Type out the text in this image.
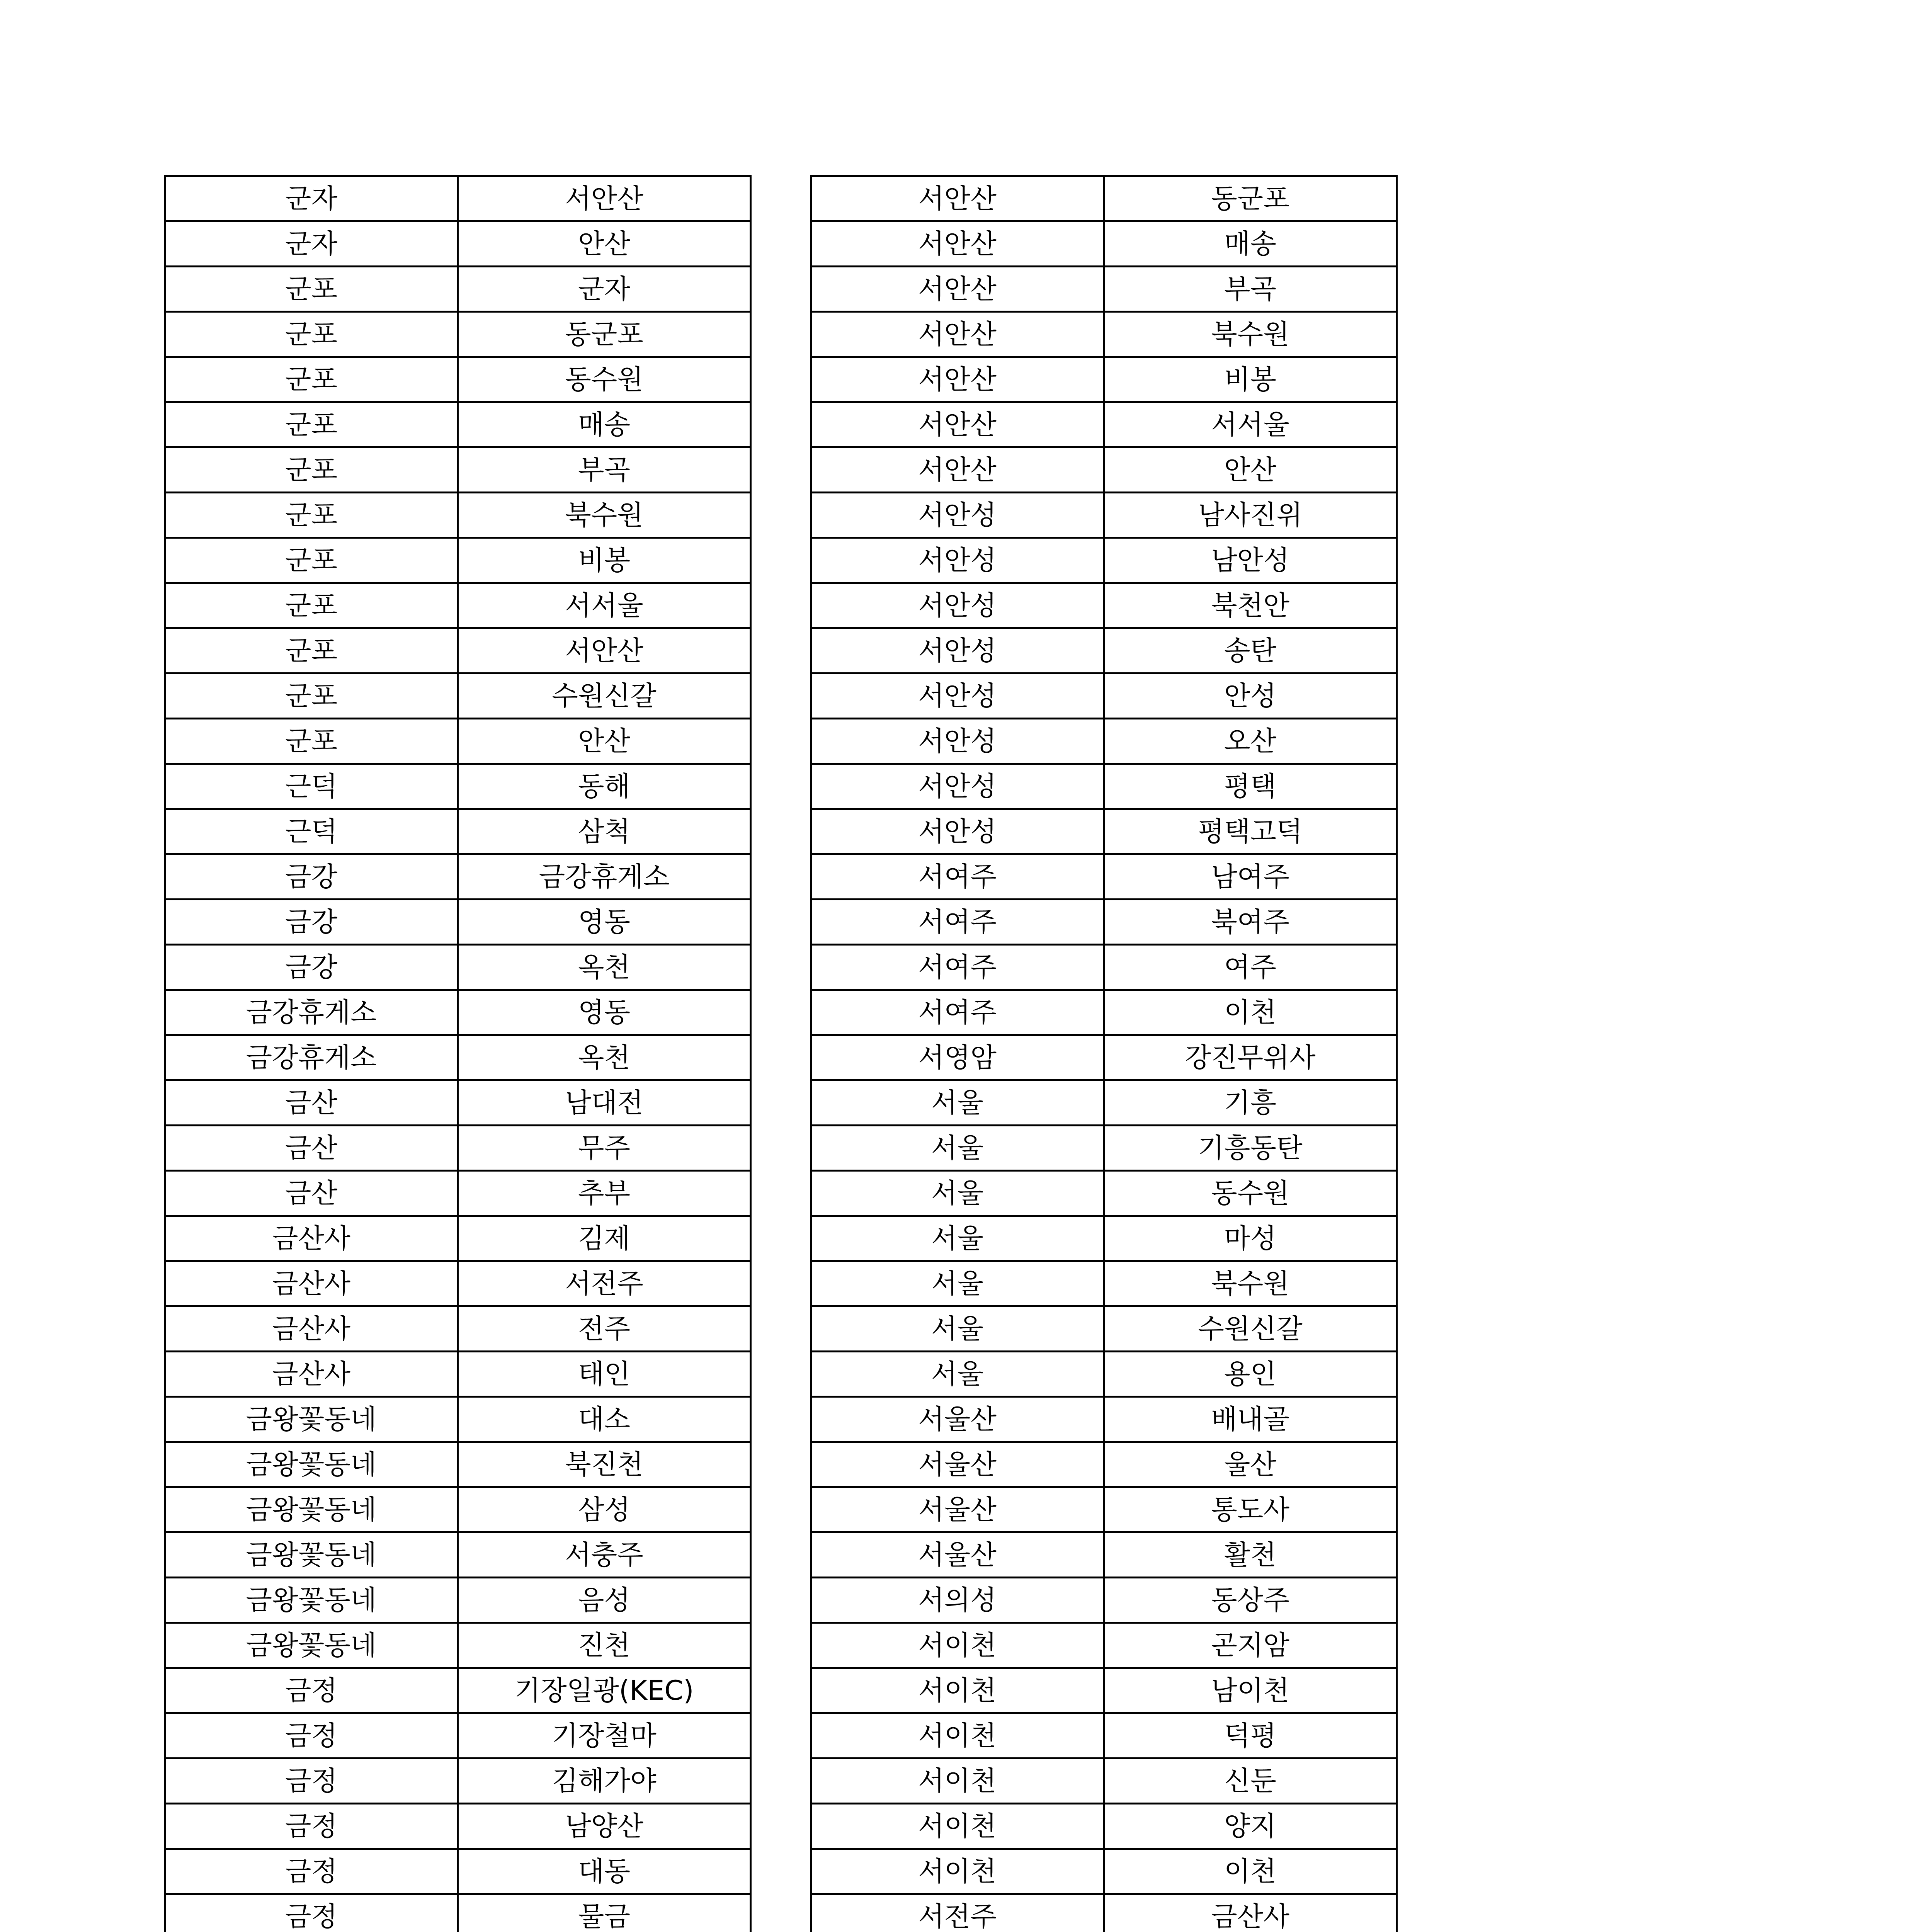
군자	서안산
군자	안산
군포	군자
군포	동군포
군포	동수원
군포	매송
군포	부곡
군포	북수원
군포	비봉
군포	서서울
군포	서안산
군포	수원신갈
군포	안산
근덕	동해
근덕	삼척
금강	금강휴게소
금강	영동
금강	옥천
금강휴게소	영동
금강휴게소	옥천
금산	남대전
금산	무주
금산	추부
금산사	김제
금산사	서전주
금산사	전주
금산사	태인
금왕꽃동네	대소
금왕꽃동네	북진천
금왕꽃동네	삼성
금왕꽃동네	서충주
금왕꽃동네	음성
금왕꽃동네	진천
금정	기장일광(KEC)
금정	기장철마
금정	김해가야
금정	남양산
금정	대동
금정	물금

서안산	동군포
서안산	매송
서안산	부곡
서안산	북수원
서안산	비봉
서안산	서서울
서안산	안산
서안성	남사진위
서안성	남안성
서안성	북천안
서안성	송탄
서안성	안성
서안성	오산
서안성	평택
서안성	평택고덕
서여주	남여주
서여주	북여주
서여주	여주
서여주	이천
서영암	강진무위사
서울	기흥
서울	기흥동탄
서울	동수원
서울	마성
서울	북수원
서울	수원신갈
서울	용인
서울산	배내골
서울산	울산
서울산	통도사
서울산	활천
서의성	동상주
서이천	곤지암
서이천	남이천
서이천	덕평
서이천	신둔
서이천	양지
서이천	이천
서전주	금산사
